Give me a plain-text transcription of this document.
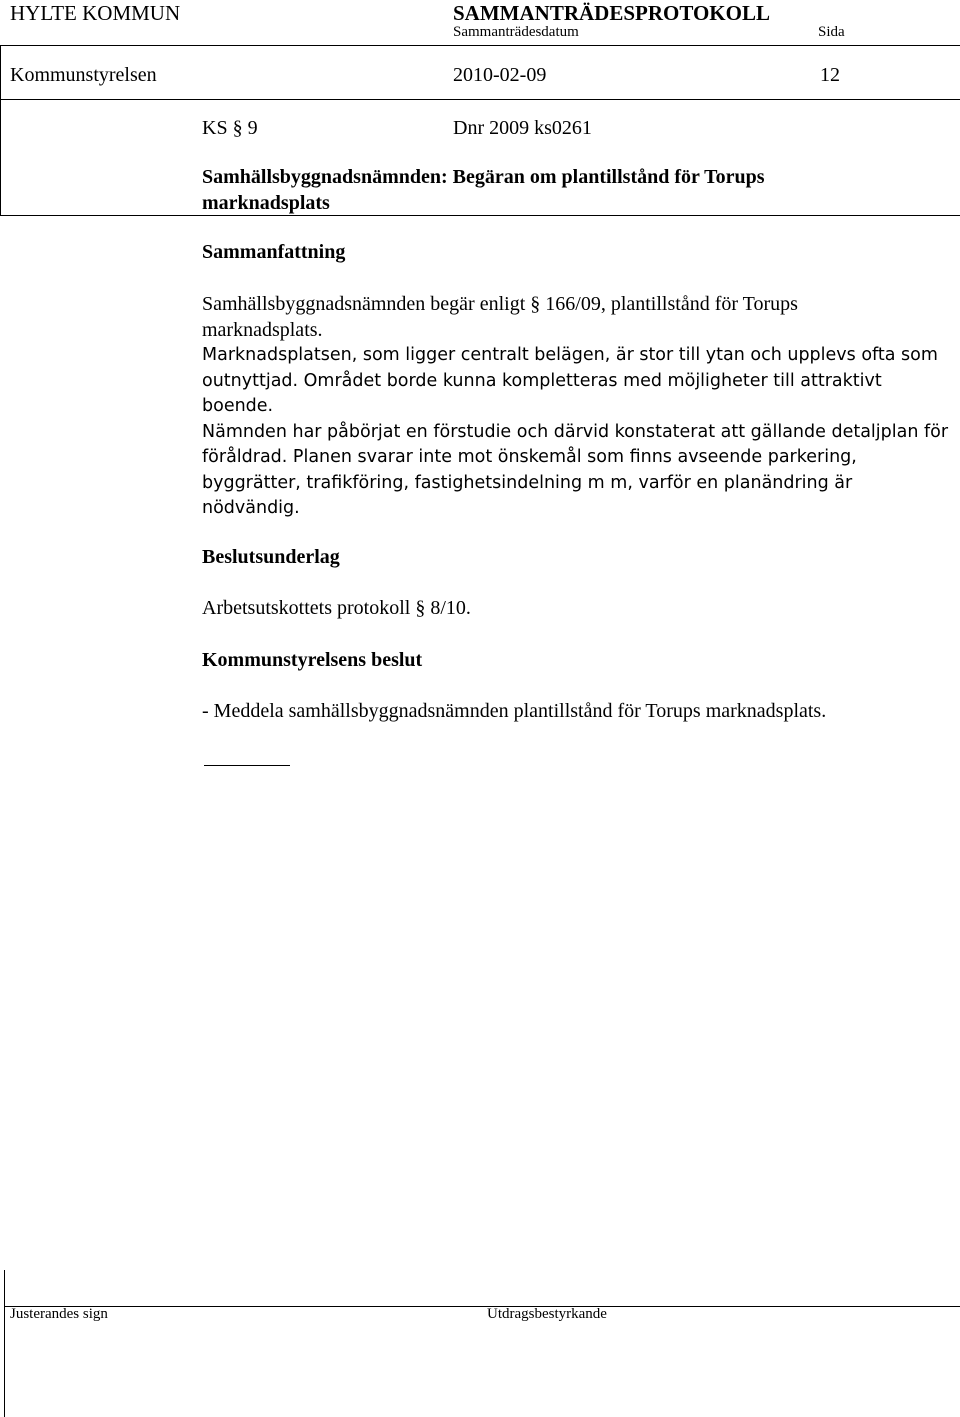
HYLTE KOMMUN	SAMMANTRÄDESPROTOKOLL
Sammanträdesdatum	Sida
Kommunstyrelsen	2010-02-09	12
KS § 9	Dnr 2009 ks0261
Samhällsbyggnadsnämnden: Begäran om plantillstånd för Torups
marknadsplats
Sammanfattning
Samhällsbyggnadsnämnden begär enligt § 166/09, plantillstånd för Torups
marknadsplats.
Marknadsplatsen, som ligger centralt belägen, är stor till ytan och upplevs ofta som
outnyttjad. Området borde kunna kompletteras med möjligheter till attraktivt
boende.
Nämnden har påbörjat en förstudie och därvid konstaterat att gällande detaljplan för
föråldrad. Planen svarar inte mot önskemål som finns avseende parkering,
byggrätter, trafikföring, fastighetsindelning m m, varför en planändring är
nödvändig.
Beslutsunderlag
Arbetsutskottets protokoll § 8/10.
Kommunstyrelsens beslut
- Meddela samhällsbyggnadsnämnden plantillstånd för Torups marknadsplats.
Justerandes sign	Utdragsbestyrkande
